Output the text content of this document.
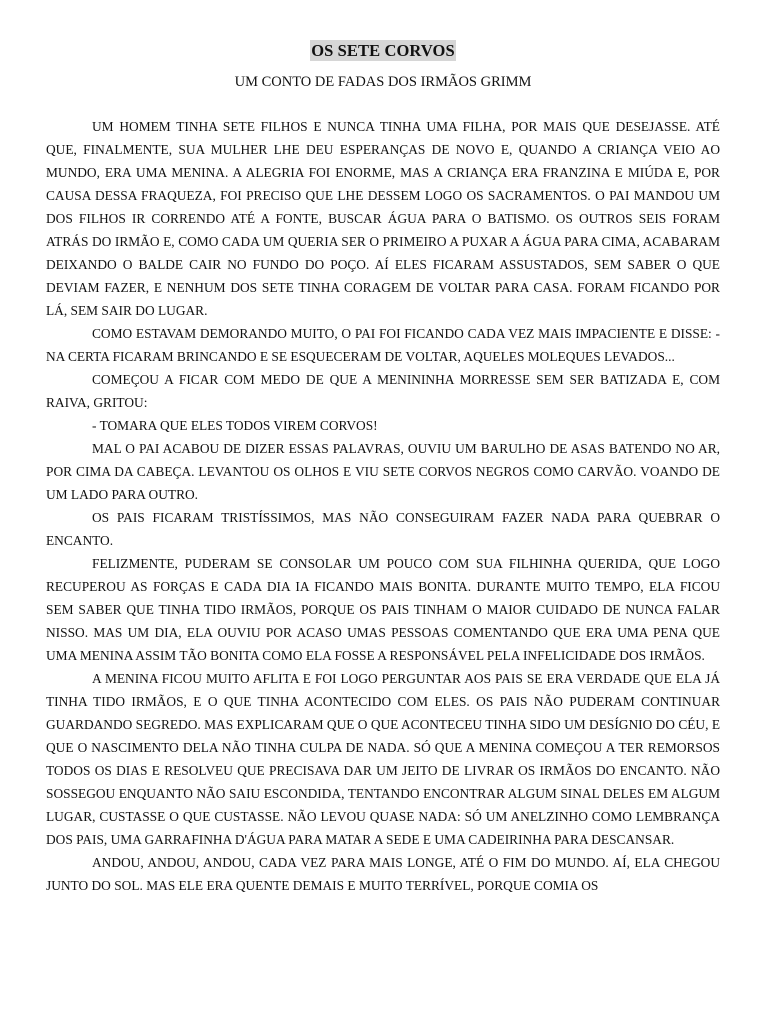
OS SETE CORVOS
UM CONTO DE FADAS DOS IRMÃOS GRIMM

UM HOMEM TINHA SETE FILHOS E NUNCA TINHA UMA FILHA, POR MAIS QUE DESEJASSE. ATÉ QUE, FINALMENTE, SUA MULHER LHE DEU ESPERANÇAS DE NOVO E, QUANDO A CRIANÇA VEIO AO MUNDO, ERA UMA MENINA. A ALEGRIA FOI ENORME, MAS A CRIANÇA ERA FRANZINA E MIÚDA E, POR CAUSA DESSA FRAQUEZA, FOI PRECISO QUE LHE DESSEM LOGO OS SACRAMENTOS. O PAI MANDOU UM DOS FILHOS IR CORRENDO ATÉ A FONTE, BUSCAR ÁGUA PARA O BATISMO. OS OUTROS SEIS FORAM ATRÁS DO IRMÃO E, COMO CADA UM QUERIA SER O PRIMEIRO A PUXAR A ÁGUA PARA CIMA, ACABARAM DEIXANDO O BALDE CAIR NO FUNDO DO POÇO. AÍ ELES FICARAM ASSUSTADOS, SEM SABER O QUE DEVIAM FAZER, E NENHUM DOS SETE TINHA CORAGEM DE VOLTAR PARA CASA. FORAM FICANDO POR LÁ, SEM SAIR DO LUGAR.

COMO ESTAVAM DEMORANDO MUITO, O PAI FOI FICANDO CADA VEZ MAIS IMPACIENTE E DISSE: - NA CERTA FICARAM BRINCANDO E SE ESQUECERAM DE VOLTAR, AQUELES MOLEQUES LEVADOS...

COMEÇOU A FICAR COM MEDO DE QUE A MENININHA MORRESSE SEM SER BATIZADA E, COM RAIVA, GRITOU:

- TOMARA QUE ELES TODOS VIREM CORVOS!

MAL O PAI ACABOU DE DIZER ESSAS PALAVRAS, OUVIU UM BARULHO DE ASAS BATENDO NO AR, POR CIMA DA CABEÇA. LEVANTOU OS OLHOS E VIU SETE CORVOS NEGROS COMO CARVÃO. VOANDO DE UM LADO PARA OUTRO.

OS PAIS FICARAM TRISTÍSSIMOS, MAS NÃO CONSEGUIRAM FAZER NADA PARA QUEBRAR O ENCANTO.

FELIZMENTE, PUDERAM SE CONSOLAR UM POUCO COM SUA FILHINHA QUERIDA, QUE LOGO RECUPEROU AS FORÇAS E CADA DIA IA FICANDO MAIS BONITA. DURANTE MUITO TEMPO, ELA FICOU SEM SABER QUE TINHA TIDO IRMÃOS, PORQUE OS PAIS TINHAM O MAIOR CUIDADO DE NUNCA FALAR NISSO. MAS UM DIA, ELA OUVIU POR ACASO UMAS PESSOAS COMENTANDO QUE ERA UMA PENA QUE UMA MENINA ASSIM TÃO BONITA COMO ELA FOSSE A RESPONSÁVEL PELA INFELICIDADE DOS IRMÃOS.

A MENINA FICOU MUITO AFLITA E FOI LOGO PERGUNTAR AOS PAIS SE ERA VERDADE QUE ELA JÁ TINHA TIDO IRMÃOS, E O QUE TINHA ACONTECIDO COM ELES. OS PAIS NÃO PUDERAM CONTINUAR GUARDANDO SEGREDO. MAS EXPLICARAM QUE O QUE ACONTECEU TINHA SIDO UM DESÍGNIO DO CÉU, E QUE O NASCIMENTO DELA NÃO TINHA CULPA DE NADA. SÓ QUE A MENINA COMEÇOU A TER REMORSOS TODOS OS DIAS E RESOLVEU QUE PRECISAVA DAR UM JEITO DE LIVRAR OS IRMÃOS DO ENCANTO. NÃO SOSSEGOU ENQUANTO NÃO SAIU ESCONDIDA, TENTANDO ENCONTRAR ALGUM SINAL DELES EM ALGUM LUGAR, CUSTASSE O QUE CUSTASSE. NÃO LEVOU QUASE NADA: SÓ UM ANELZINHO COMO LEMBRANÇA DOS PAIS, UMA GARRAFINHA D'ÁGUA PARA MATAR A SEDE E UMA CADEIRINHA PARA DESCANSAR.

ANDOU, ANDOU, ANDOU, CADA VEZ PARA MAIS LONGE, ATÉ O FIM DO MUNDO. AÍ, ELA CHEGOU JUNTO DO SOL. MAS ELE ERA QUENTE DEMAIS E MUITO TERRÍVEL, PORQUE COMIA OS
